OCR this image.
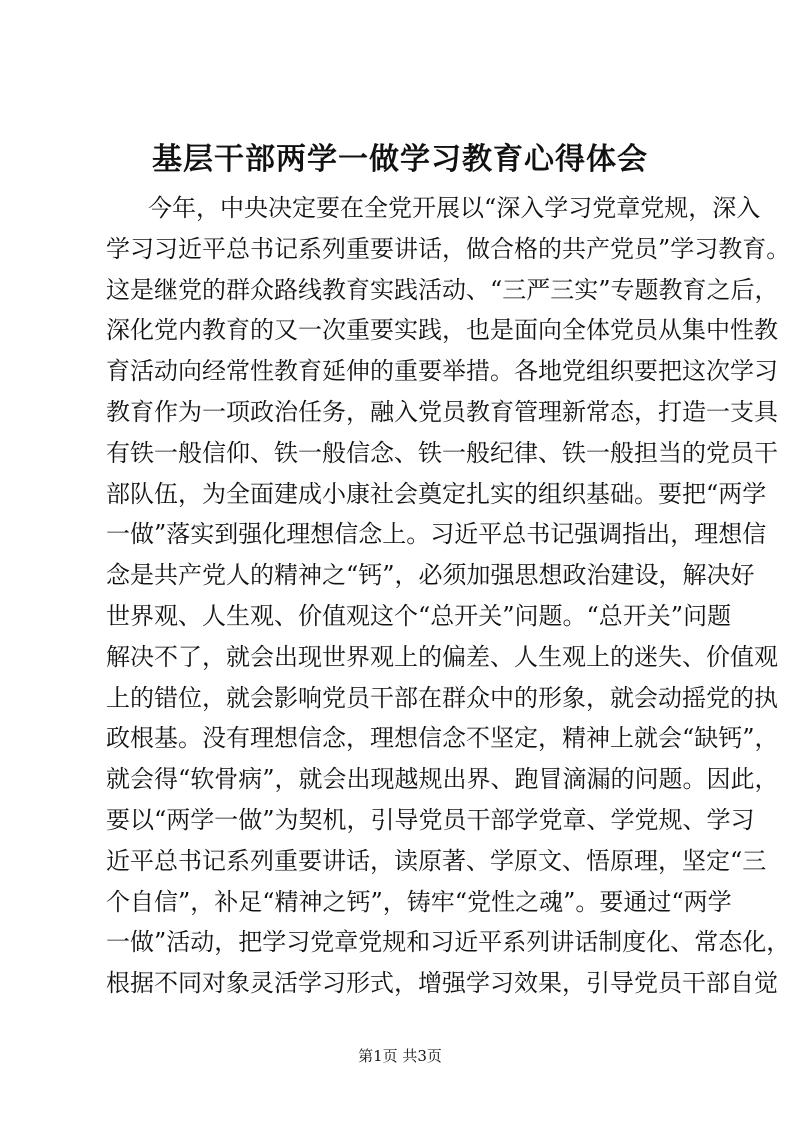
基层干部两学一做学习教育心得体会
今年，中央决定要在全党开展以“深入学习党章党规，深入
学习习近平总书记系列重要讲话，做合格的共产党员”学习教育。
这是继党的群众路线教育实践活动、“三严三实”专题教育之后，
深化党内教育的又一次重要实践，也是面向全体党员从集中性教
育活动向经常性教育延伸的重要举措。各地党组织要把这次学习
教育作为一项政治任务，融入党员教育管理新常态，打造一支具
有铁一般信仰、铁一般信念、铁一般纪律、铁一般担当的党员干
部队伍，为全面建成小康社会奠定扎实的组织基础。要把“两学
一做”落实到强化理想信念上。习近平总书记强调指出，理想信
念是共产党人的精神之“钙”，必须加强思想政治建设，解决好
世界观、人生观、价值观这个“总开关”问题。“总开关”问题
解决不了，就会出现世界观上的偏差、人生观上的迷失、价值观
上的错位，就会影响党员干部在群众中的形象，就会动摇党的执
政根基。没有理想信念，理想信念不坚定，精神上就会“缺钙”，
就会得“软骨病”，就会出现越规出界、跑冒滴漏的问题。因此，
要以“两学一做”为契机，引导党员干部学党章、学党规、学习
近平总书记系列重要讲话，读原著、学原文、悟原理，坚定“三
个自信”，补足“精神之钙”，铸牢“党性之魂”。要通过“两学
一做”活动，把学习党章党规和习近平系列讲话制度化、常态化，
根据不同对象灵活学习形式，增强学习效果，引导党员干部自觉
第1页 共3页
